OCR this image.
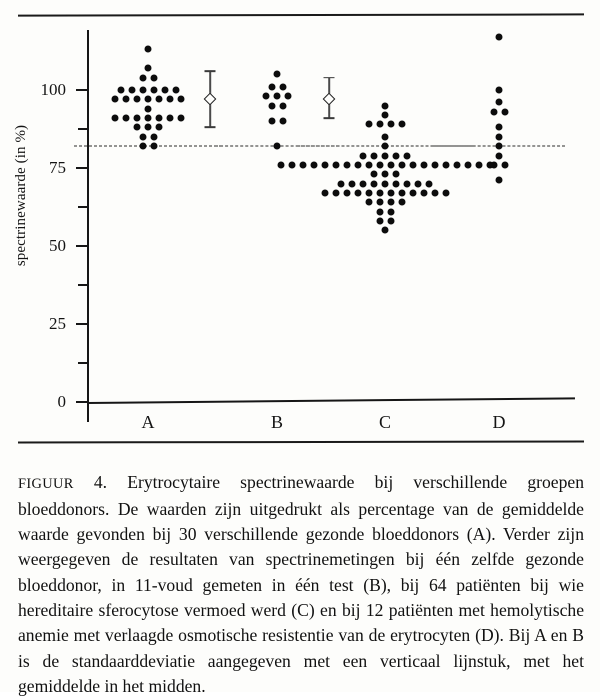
spectrinewaarde (in %)
0
25
50
75
100
A	B	C	D

FIGUUR 4. Erytrocytaire spectrinewaarde bij verschillende groepen bloeddonors. De waarden zijn uitgedrukt als percentage van de gemiddelde waarde gevonden bij 30 verschillende gezonde bloeddonors (A). Verder zijn weergegeven de resultaten van spectrinemetingen bij één zelfde gezonde bloeddonor, in 11-voud gemeten in één test (B), bij 64 patiënten bij wie hereditaire sferocytose vermoed werd (C) en bij 12 patiënten met hemolytische anemie met verlaagde osmotische resistentie van de erytrocyten (D). Bij A en B is de standaarddeviatie aangegeven met een verticaal lijnstuk, met het gemiddelde in het midden.
